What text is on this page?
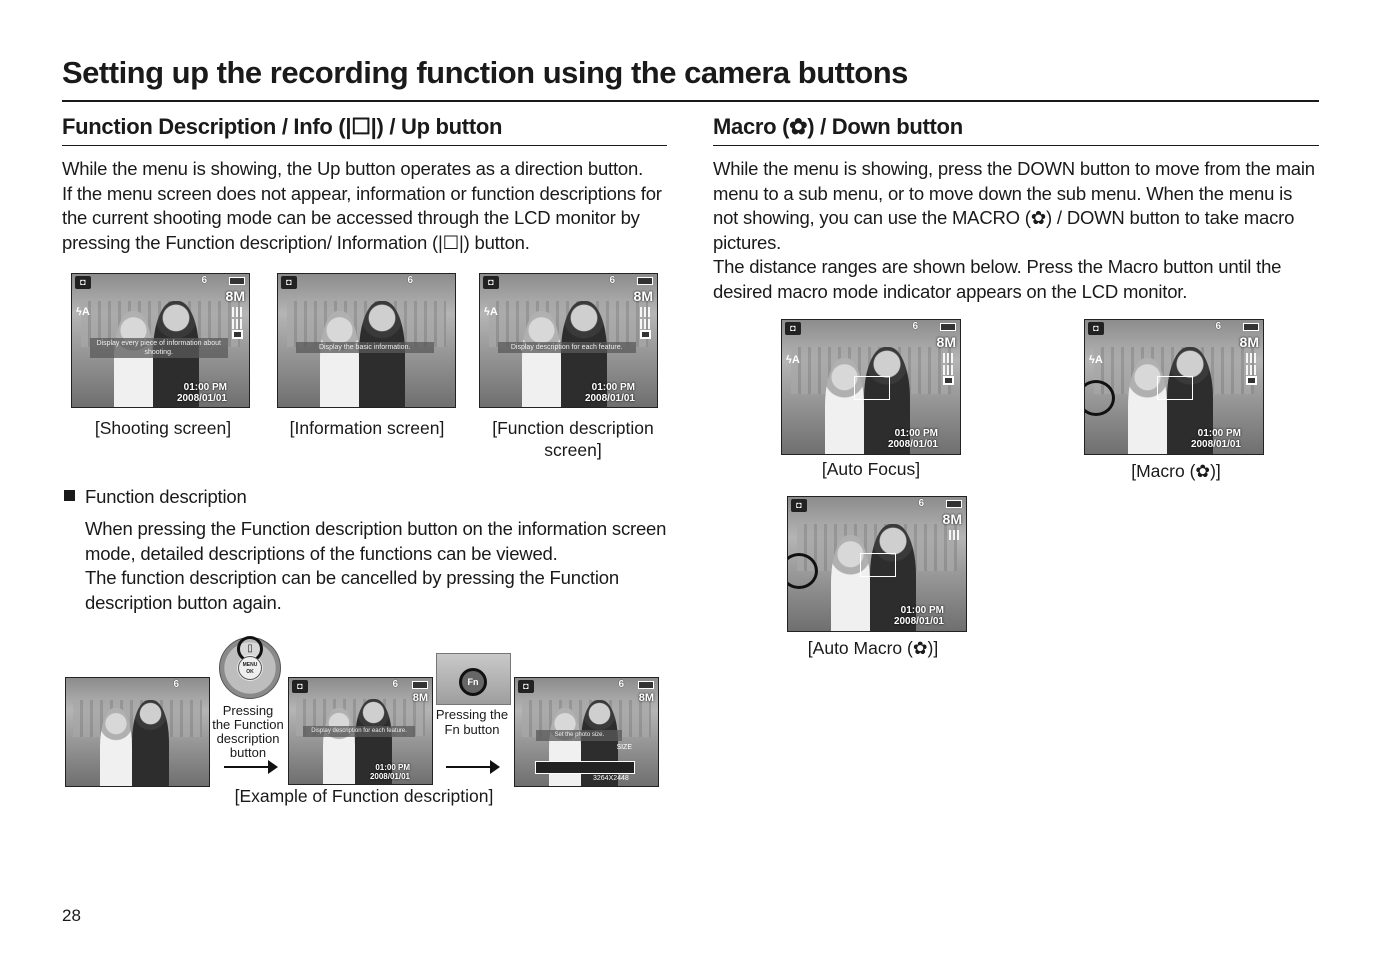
Setting up the recording function using the camera buttons
Function Description / Info (|☐|) / Up button

While the menu is showing, the Up button operates as a direction button.

If the menu screen does not appear, information or function descriptions for

the current shooting mode can be accessed through the LCD monitor by

pressing the Function description/ Information (|☐|) button.

◘	6
8M
ϟA
Display every piece of information about shooting.
01:00 PM
2008/01/01
[Shooting screen]
◘	6
Display the basic information.
[Information screen]
◘	6
8M
ϟA
Display description for each feature.
01:00 PM
2008/01/01
[Function description screen]
Function description

When pressing the Function description button on the information screen

mode, detailed descriptions of the functions can be viewed.

The function description can be cancelled by pressing the Function

description button again.

6
▯
MENU OK
Pressing the Function description button
◘	6
8M
Display description for each feature.
01:00 PM
2008/01/01
Fn
Pressing the Fn button
◘	6
8M
Set the photo size.
SIZE
3264X2448
[Example of Function description]
Macro (✿) / Down button

While the menu is showing, press the DOWN button to move from the main

menu to a sub menu, or to move down the sub menu. When the menu is

not showing, you can use the MACRO (✿) / DOWN button to take macro

pictures.

The distance ranges are shown below. Press the Macro button until the

desired macro mode indicator appears on the LCD monitor.

◘	6
8M
ϟA
01:00 PM
2008/01/01
[Auto Focus]
◘	6
8M
ϟA
01:00 PM
2008/01/01
[Macro (✿)]
◘	6
8M
01:00 PM
2008/01/01
[Auto Macro (✿)]
28
